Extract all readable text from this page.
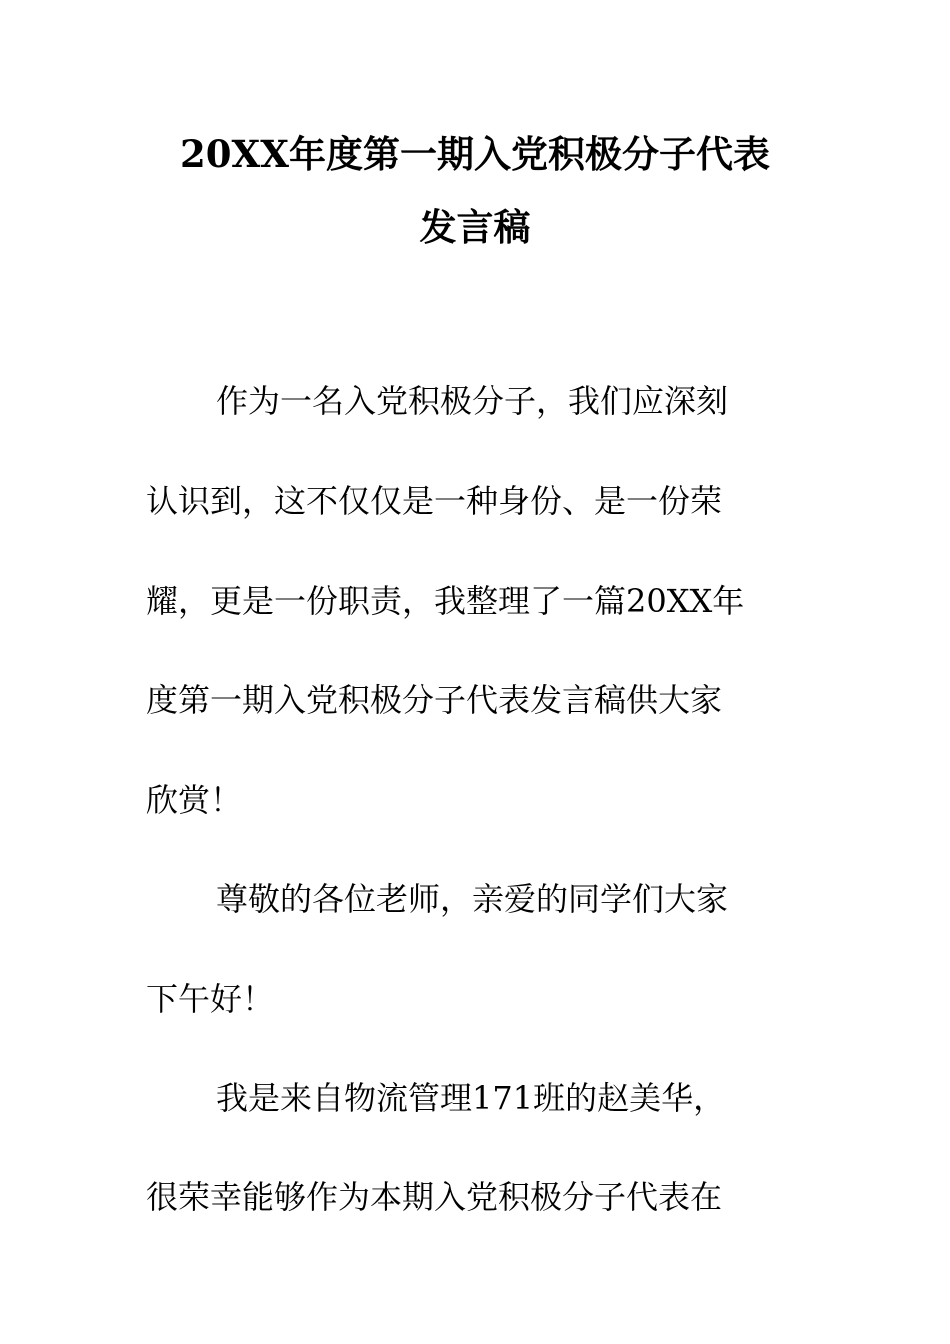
20XX年度第一期入党积极分子代表
发言稿

作为一名入党积极分子，我们应深刻

认识到，这不仅仅是一种身份、是一份荣

耀，更是一份职责，我整理了一篇20XX年

度第一期入党积极分子代表发言稿供大家

欣赏！

尊敬的各位老师，亲爱的同学们大家

下午好！

我是来自物流管理171班的赵美华，

很荣幸能够作为本期入党积极分子代表在
